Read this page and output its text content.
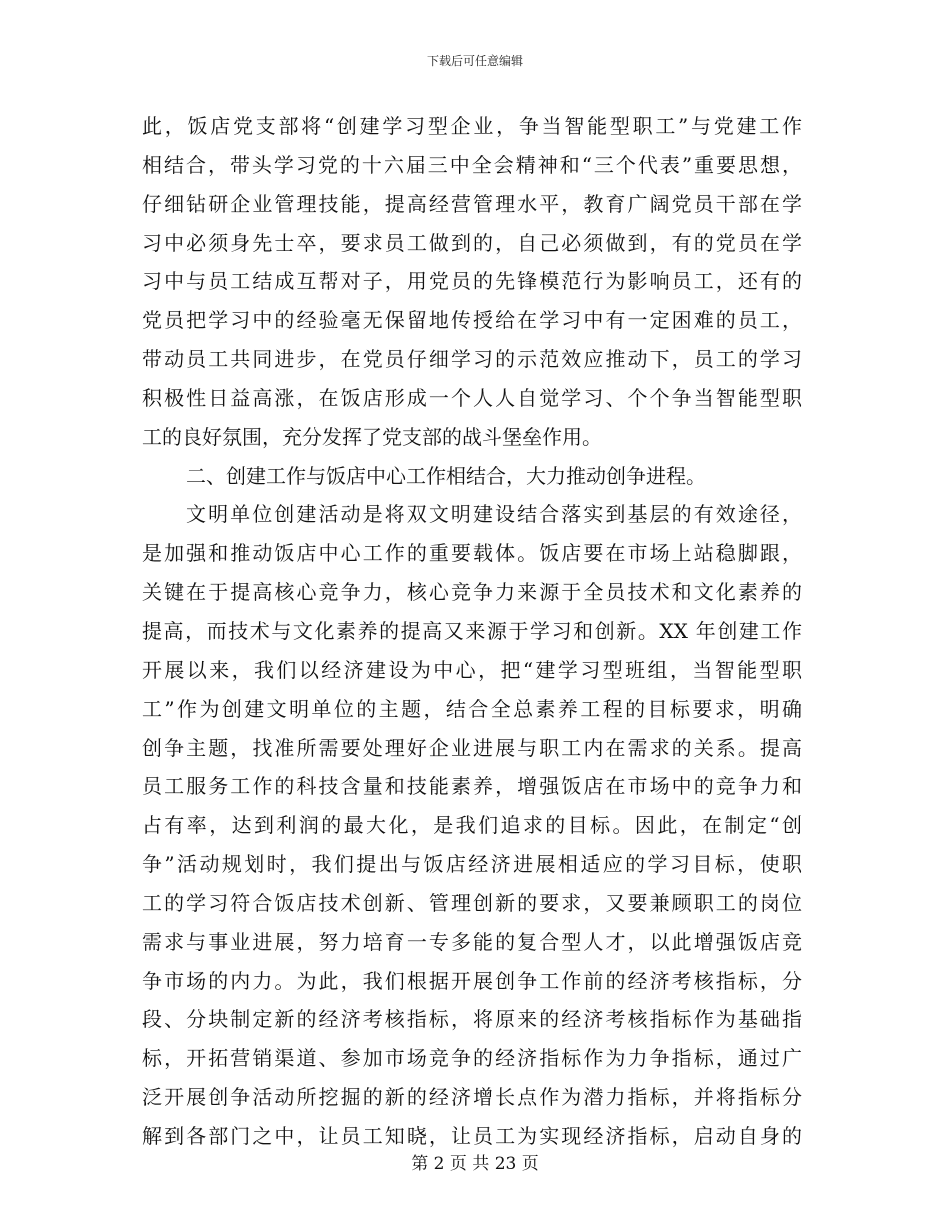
下载后可任意编辑
此，饭店党支部将“创建学习型企业，争当智能型职工”与党建工作
相结合，带头学习党的十六届三中全会精神和“三个代表”重要思想，
仔细钻研企业管理技能，提高经营管理水平，教育广阔党员干部在学
习中必须身先士卒，要求员工做到的，自己必须做到，有的党员在学
习中与员工结成互帮对子，用党员的先锋模范行为影响员工，还有的
党员把学习中的经验毫无保留地传授给在学习中有一定困难的员工，
带动员工共同进步，在党员仔细学习的示范效应推动下，员工的学习
积极性日益高涨，在饭店形成一个人人自觉学习、个个争当智能型职
工的良好氛围，充分发挥了党支部的战斗堡垒作用。
二、创建工作与饭店中心工作相结合，大力推动创争进程。
文明单位创建活动是将双文明建设结合落实到基层的有效途径，
是加强和推动饭店中心工作的重要载体。饭店要在市场上站稳脚跟，
关键在于提高核心竞争力，核心竞争力来源于全员技术和文化素养的
提高，而技术与文化素养的提高又来源于学习和创新。XX 年创建工作
开展以来，我们以经济建设为中心，把“建学习型班组，当智能型职
工”作为创建文明单位的主题，结合全总素养工程的目标要求，明确
创争主题，找准所需要处理好企业进展与职工内在需求的关系。提高
员工服务工作的科技含量和技能素养，增强饭店在市场中的竞争力和
占有率，达到利润的最大化，是我们追求的目标。因此，在制定“创
争”活动规划时，我们提出与饭店经济进展相适应的学习目标，使职
工的学习符合饭店技术创新、管理创新的要求，又要兼顾职工的岗位
需求与事业进展，努力培育一专多能的复合型人才，以此增强饭店竞
争市场的内力。为此，我们根据开展创争工作前的经济考核指标，分
段、分块制定新的经济考核指标，将原来的经济考核指标作为基础指
标，开拓营销渠道、参加市场竞争的经济指标作为力争指标，通过广
泛开展创争活动所挖掘的新的经济增长点作为潜力指标，并将指标分
解到各部门之中，让员工知晓，让员工为实现经济指标，启动自身的
第 2 页 共 23 页
